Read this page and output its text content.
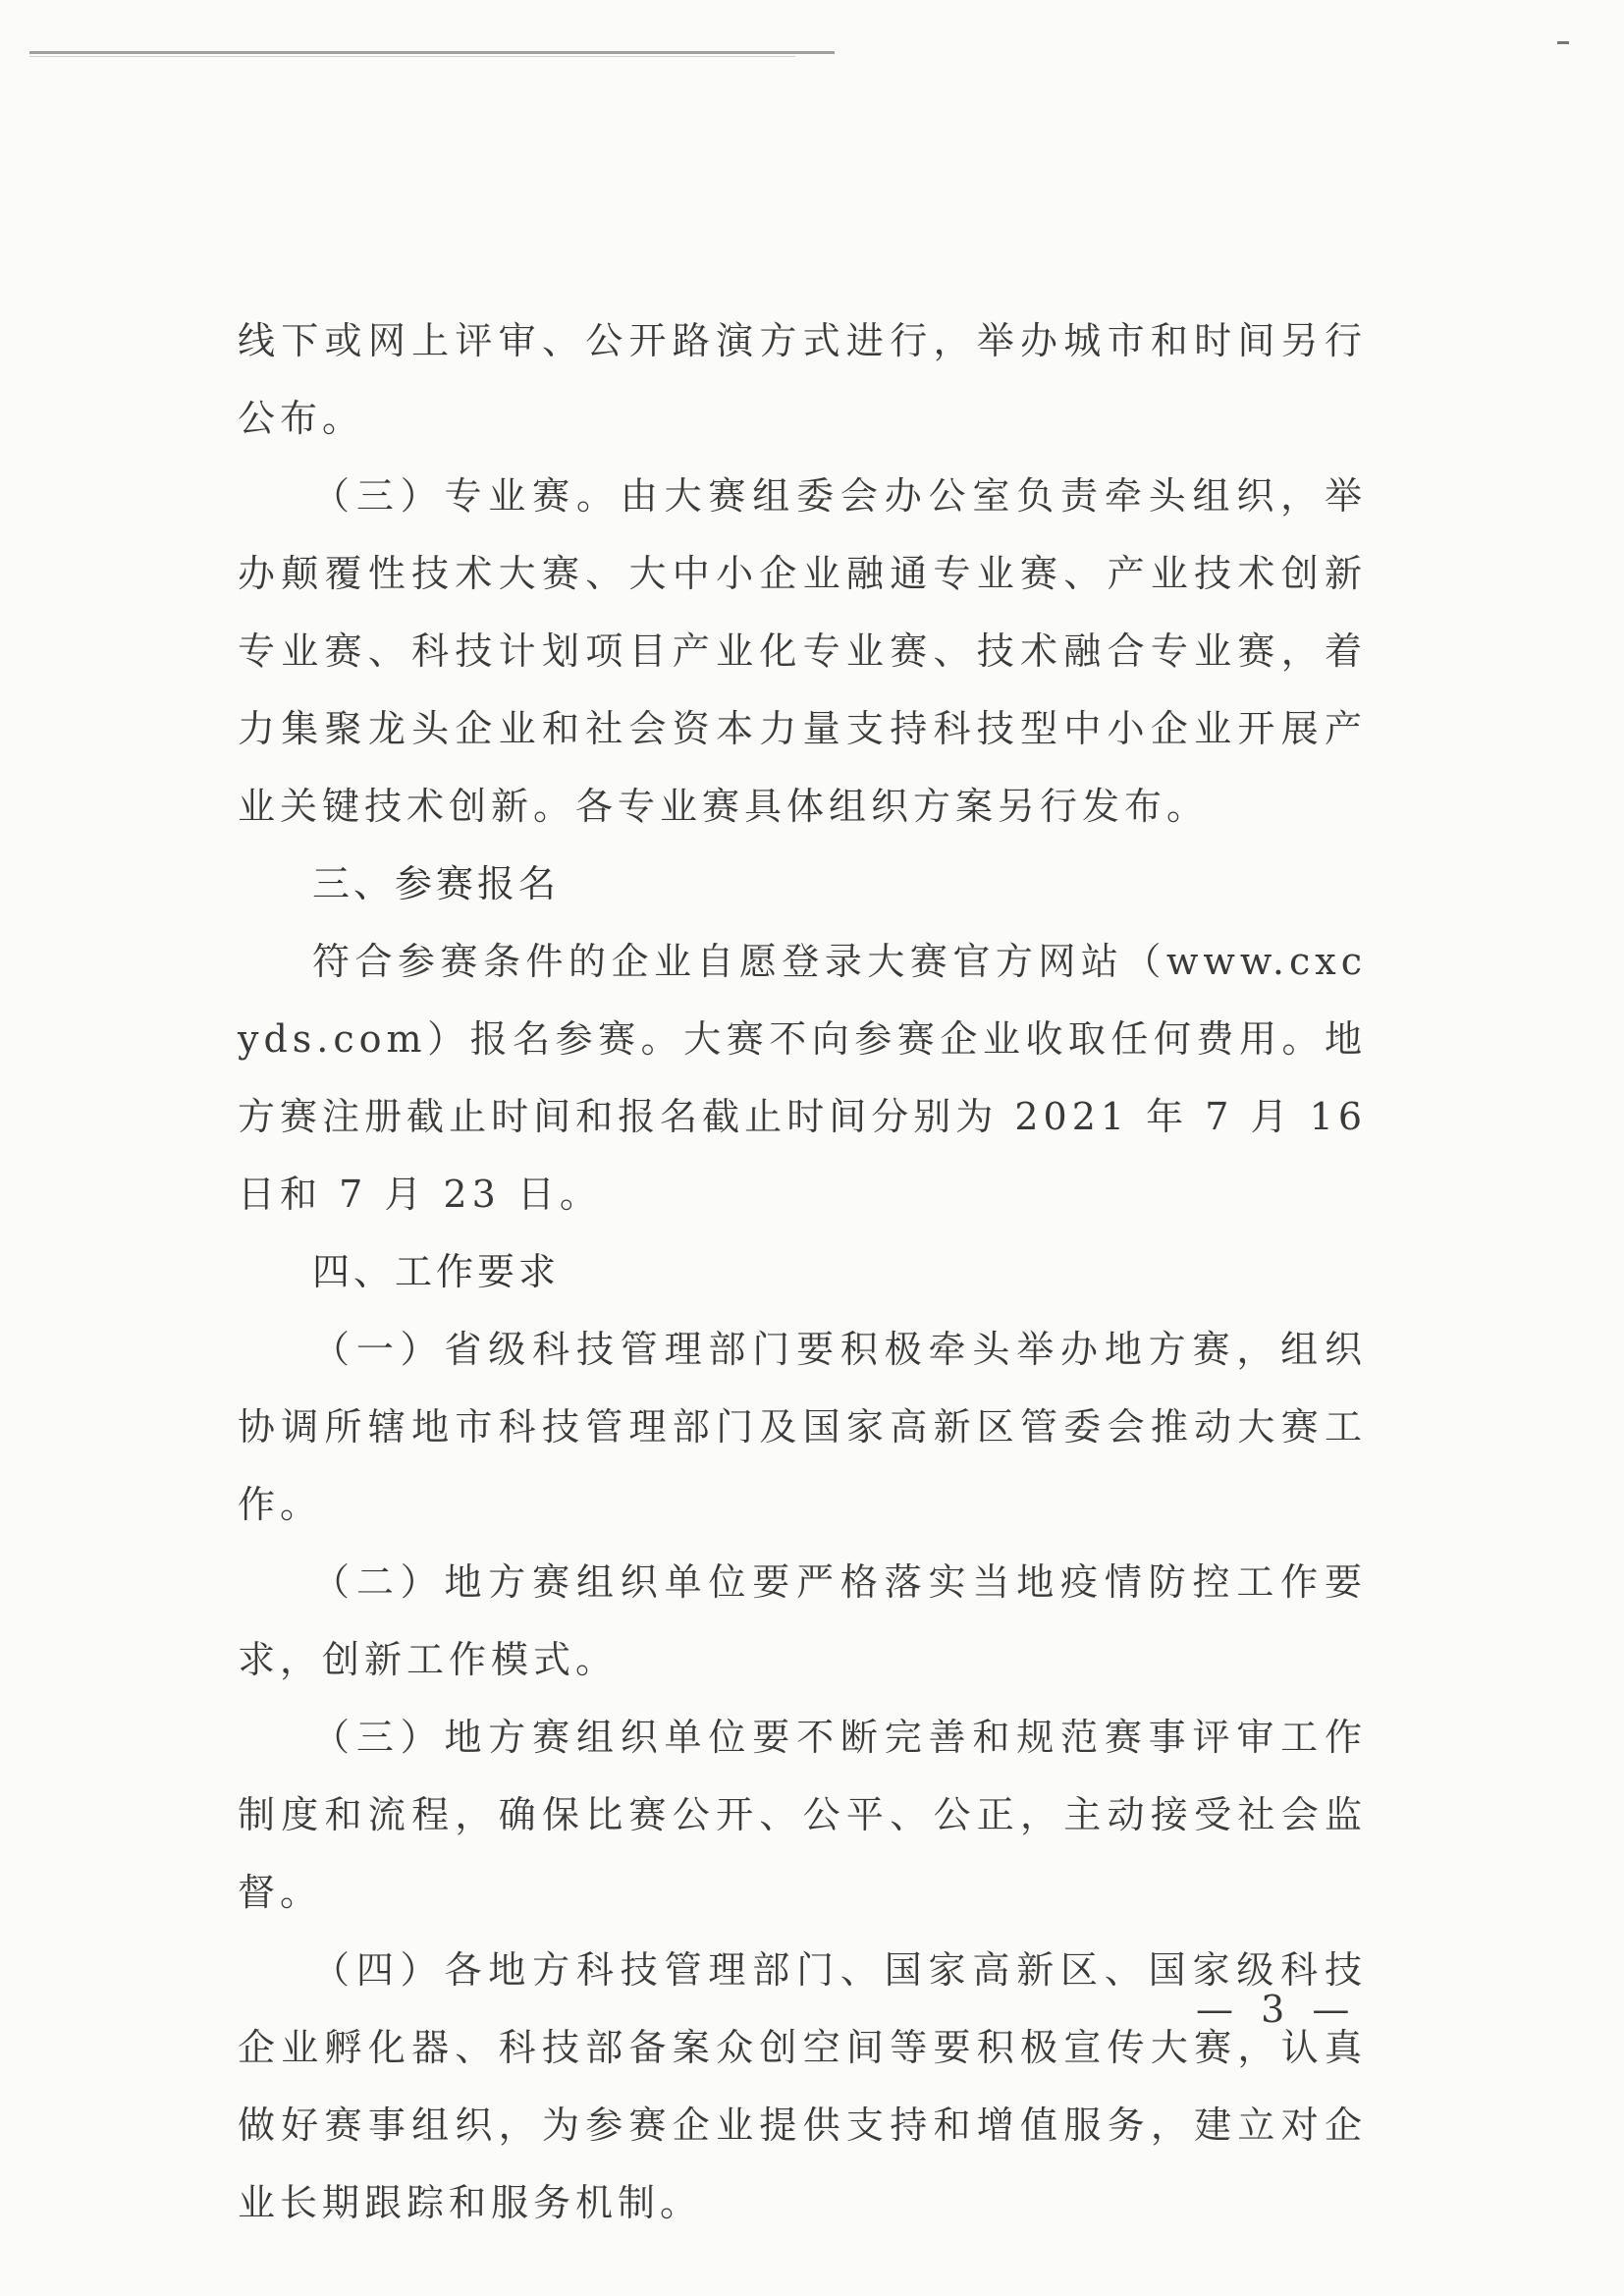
线下或网上评审、公开路演方式进行，举办城市和时间另行公布。

（三）专业赛。由大赛组委会办公室负责牵头组织，举办颠覆性技术大赛、大中小企业融通专业赛、产业技术创新专业赛、科技计划项目产业化专业赛、技术融合专业赛，着力集聚龙头企业和社会资本力量支持科技型中小企业开展产业关键技术创新。各专业赛具体组织方案另行发布。

三、参赛报名

符合参赛条件的企业自愿登录大赛官方网站（www.cxcyds.com）报名参赛。大赛不向参赛企业收取任何费用。地方赛注册截止时间和报名截止时间分别为 2021 年 7 月 16 日和 7 月 23 日。

四、工作要求

（一）省级科技管理部门要积极牵头举办地方赛，组织协调所辖地市科技管理部门及国家高新区管委会推动大赛工作。

（二）地方赛组织单位要严格落实当地疫情防控工作要求，创新工作模式。

（三）地方赛组织单位要不断完善和规范赛事评审工作制度和流程，确保比赛公开、公平、公正，主动接受社会监督。

（四）各地方科技管理部门、国家高新区、国家级科技企业孵化器、科技部备案众创空间等要积极宣传大赛，认真做好赛事组织，为参赛企业提供支持和增值服务，建立对企业长期跟踪和服务机制。

— 3 —
